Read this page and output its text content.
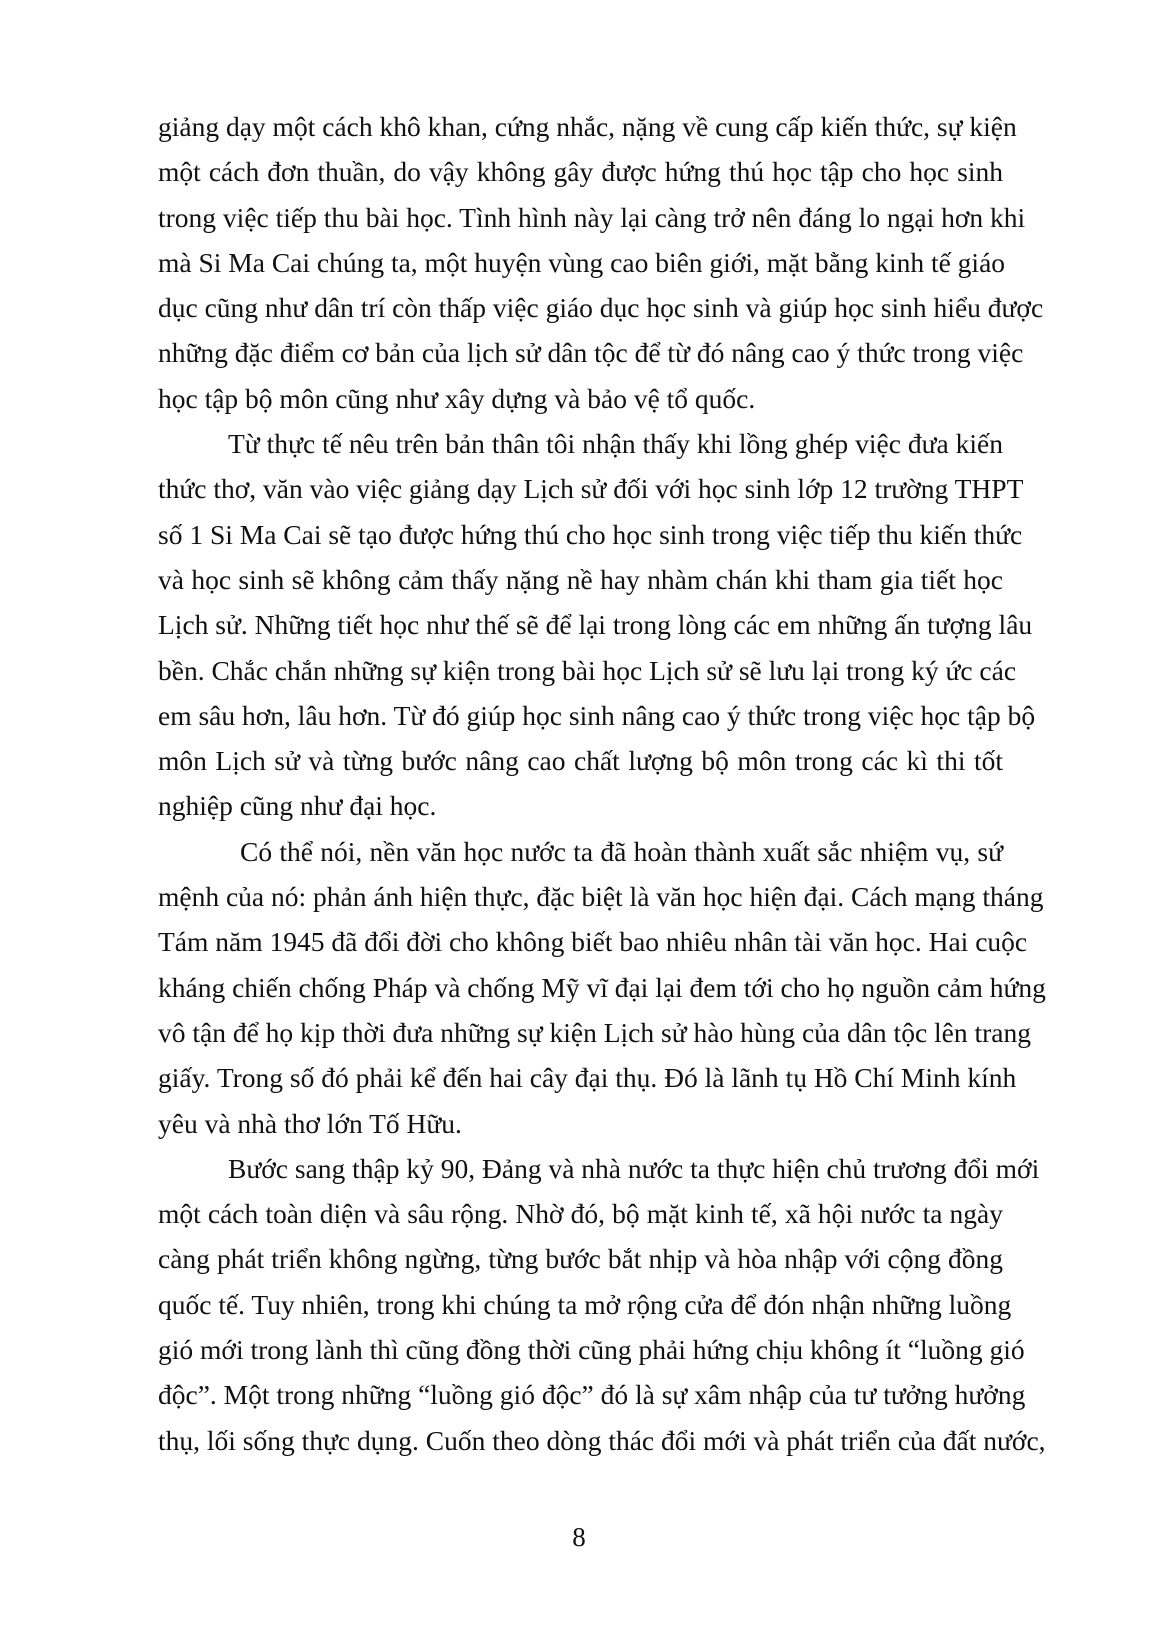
giảng dạy một cách khô khan, cứng nhắc, nặng về cung cấp kiến thức, sự kiện
một cách đơn thuần, do vậy không gây được hứng thú học tập cho học sinh
trong việc tiếp thu bài học. Tình hình này lại càng trở nên đáng lo ngại hơn khi
mà Si Ma Cai chúng ta, một huyện vùng cao biên giới, mặt bằng kinh tế giáo
dục cũng như dân trí còn thấp việc giáo dục học sinh và giúp học sinh hiểu được
những đặc điểm cơ bản của lịch sử dân tộc để từ đó nâng cao ý thức trong việc
học tập bộ môn cũng như xây dựng và bảo vệ tổ quốc.
Từ thực tế nêu trên bản thân tôi nhận thấy khi lồng ghép việc đưa kiến
thức thơ, văn vào việc giảng dạy Lịch sử đối với học sinh lớp 12 trường THPT
số 1 Si Ma Cai sẽ tạo được hứng thú cho học sinh trong việc tiếp thu kiến thức
và học sinh sẽ không cảm thấy nặng nề hay nhàm chán khi tham gia tiết học
Lịch sử. Những tiết học như thế sẽ để lại trong lòng các em những ấn tượng lâu
bền. Chắc chắn những sự kiện trong bài học Lịch sử sẽ lưu lại trong ký ức các
em sâu hơn, lâu hơn. Từ đó giúp học sinh nâng cao ý thức trong việc học tập bộ
môn Lịch sử và từng bước nâng cao chất lượng bộ môn trong các kì thi tốt
nghiệp cũng như đại học.
Có thể nói, nền văn học nước ta đã hoàn thành xuất sắc nhiệm vụ, sứ
mệnh của nó: phản ánh hiện thực, đặc biệt là văn học hiện đại. Cách mạng tháng
Tám năm 1945 đã đổi đời cho không biết bao nhiêu nhân tài văn học. Hai cuộc
kháng chiến chống Pháp và chống Mỹ vĩ đại lại đem tới cho họ nguồn cảm hứng
vô tận để họ kịp thời đưa những sự kiện Lịch sử hào hùng của dân tộc lên trang
giấy. Trong số đó phải kể đến hai cây đại thụ. Đó là lãnh tụ Hồ Chí Minh kính
yêu và nhà thơ lớn Tố Hữu.
Bước sang thập kỷ 90, Đảng và nhà nước ta thực hiện chủ trương đổi mới
một cách toàn diện và sâu rộng. Nhờ đó, bộ mặt kinh tế, xã hội nước ta ngày
càng phát triển không ngừng, từng bước bắt nhịp và hòa nhập với cộng đồng
quốc tế. Tuy nhiên, trong khi chúng ta mở rộng cửa để đón nhận những luồng
gió mới trong lành thì cũng đồng thời cũng phải hứng chịu không ít “luồng gió
độc”. Một trong những “luồng gió độc” đó là sự xâm nhập của tư tưởng hưởng
thụ, lối sống thực dụng. Cuốn theo dòng thác đổi mới và phát triển của đất nước,
8
